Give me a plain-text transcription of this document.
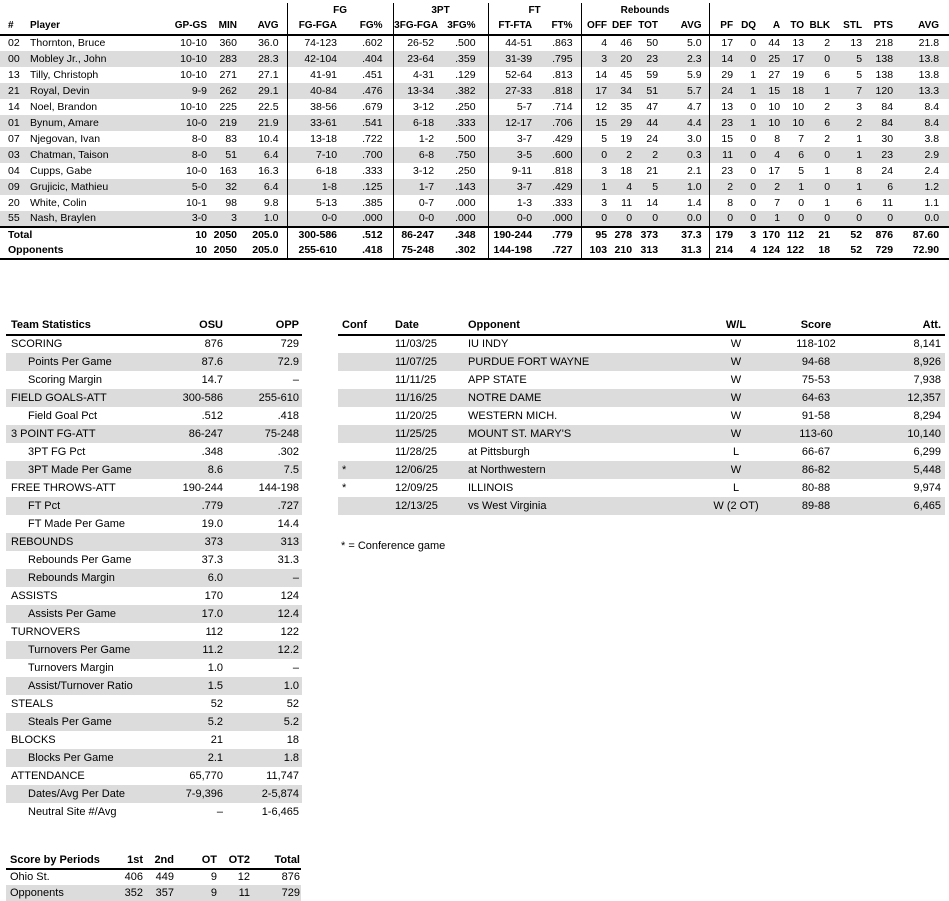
					FG		3PT		FT		Rebounds											
#	Player	GP-GS	MIN	AVG	FG-FGA	FG%	3FG-FGA	3FG%	FT-FTA	FT%	OFF	DEF	TOT	AVG	PF	DQ	A	TO	BLK	STL	PTS	AVG
02	Thornton, Bruce	10-10	360	36.0	74-123	.602	26-52	.500	44-51	.863	4	46	50	5.0	17	0	44	13	2	13	218	21.8
00	Mobley Jr., John	10-10	283	28.3	42-104	.404	23-64	.359	31-39	.795	3	20	23	2.3	14	0	25	17	0	5	138	13.8
13	Tilly, Christoph	10-10	271	27.1	41-91	.451	4-31	.129	52-64	.813	14	45	59	5.9	29	1	27	19	6	5	138	13.8
21	Royal, Devin	9-9	262	29.1	40-84	.476	13-34	.382	27-33	.818	17	34	51	5.7	24	1	15	18	1	7	120	13.3
14	Noel, Brandon	10-10	225	22.5	38-56	.679	3-12	.250	5-7	.714	12	35	47	4.7	13	0	10	10	2	3	84	8.4
01	Bynum, Amare	10-0	219	21.9	33-61	.541	6-18	.333	12-17	.706	15	29	44	4.4	23	1	10	10	6	2	84	8.4
07	Njegovan, Ivan	8-0	83	10.4	13-18	.722	1-2	.500	3-7	.429	5	19	24	3.0	15	0	8	7	2	1	30	3.8
03	Chatman, Taison	8-0	51	6.4	7-10	.700	6-8	.750	3-5	.600	0	2	2	0.3	11	0	4	6	0	1	23	2.9
04	Cupps, Gabe	10-0	163	16.3	6-18	.333	3-12	.250	9-11	.818	3	18	21	2.1	23	0	17	5	1	8	24	2.4
09	Grujicic, Mathieu	5-0	32	6.4	1-8	.125	1-7	.143	3-7	.429	1	4	5	1.0	2	0	2	1	0	1	6	1.2
20	White, Colin	10-1	98	9.8	5-13	.385	0-7	.000	1-3	.333	3	11	14	1.4	8	0	7	0	1	6	11	1.1
55	Nash, Braylen	3-0	3	1.0	0-0	.000	0-0	.000	0-0	.000	0	0	0	0.0	0	0	1	0	0	0	0	0.0
Total		10	2050	205.0	300-586	.512	86-247	.348	190-244	.779	95	278	373	37.3	179	3	170	112	21	52	876	87.60
Opponents		10	2050	205.0	255-610	.418	75-248	.302	144-198	.727	103	210	313	31.3	214	4	124	122	18	52	729	72.90
Team Statistics	OSU	OPP
SCORING	876	729
Points Per Game	87.6	72.9
Scoring Margin	14.7	–
FIELD GOALS-ATT	300-586	255-610
Field Goal Pct	.512	.418
3 POINT FG-ATT	86-247	75-248
3PT FG Pct	.348	.302
3PT Made Per Game	8.6	7.5
FREE THROWS-ATT	190-244	144-198
FT Pct	.779	.727
FT Made Per Game	19.0	14.4
REBOUNDS	373	313
Rebounds Per Game	37.3	31.3
Rebounds Margin	6.0	–
ASSISTS	170	124
Assists Per Game	17.0	12.4
TURNOVERS	112	122
Turnovers Per Game	11.2	12.2
Turnovers Margin	1.0	–
Assist/Turnover Ratio	1.5	1.0
STEALS	52	52
Steals Per Game	5.2	5.2
BLOCKS	21	18
Blocks Per Game	2.1	1.8
ATTENDANCE	65,770	11,747
Dates/Avg Per Date	7-9,396	2-5,874
Neutral Site #/Avg	–	1-6,465
Conf	Date	Opponent	W/L	Score	Att.
	11/03/25	IU INDY	W	118-102	8,141
	11/07/25	PURDUE FORT WAYNE	W	94-68	8,926
	11/11/25	APP STATE	W	75-53	7,938
	11/16/25	NOTRE DAME	W	64-63	12,357
	11/20/25	WESTERN MICH.	W	91-58	8,294
	11/25/25	MOUNT ST. MARY'S	W	113-60	10,140
	11/28/25	at Pittsburgh	L	66-67	6,299
*	12/06/25	at Northwestern	W	86-82	5,448
*	12/09/25	ILLINOIS	L	80-88	9,974
	12/13/25	vs West Virginia	W (2 OT)	89-88	6,465
* = Conference game
Score by Periods	1st	2nd	OT	OT2	Total
Ohio St.	406	449	9	12	876
Opponents	352	357	9	11	729
